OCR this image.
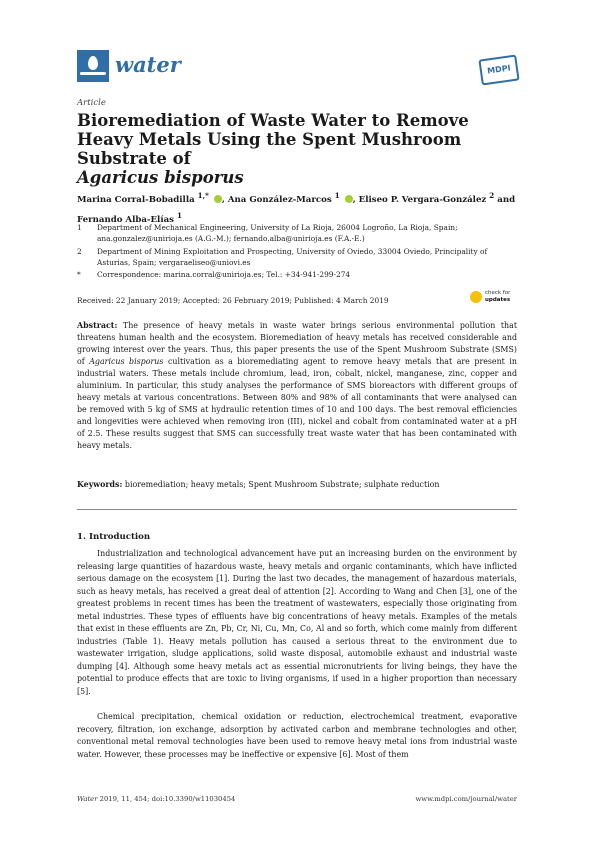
water	MDPI
Article
Bioremediation of Waste Water to Remove Heavy Metals Using the Spent Mushroom Substrate of
Agaricus bisporus
Marina Corral-Bobadilla $^{1,*}$ , Ana González-Marcos $^1$ , Eliseo P. Vergara-González $^2$ and Fernando Alba-Elías $^1$
1	Department of Mechanical Engineering, University of La Rioja, 26004 Logroño, La Rioja, Spain; ana.gonzalez@unirioja.es (A.G.-M.); fernando.alba@unirioja.es (F.A.-E.)
2	Department of Mining Exploitation and Prospecting, University of Oviedo, 33004 Oviedo, Principality of Asturias, Spain; vergaraeliseo@uniovi.es
*	Correspondence: marina.corral@unirioja.es; Tel.: +34-941-299-274
Received: 22 January 2019; Accepted: 26 February 2019; Published: 4 March 2019
check for
updates
Abstract: The presence of heavy metals in waste water brings serious environmental pollution that threatens human health and the ecosystem. Bioremediation of heavy metals has received considerable and growing interest over the years. Thus, this paper presents the use of the Spent Mushroom Substrate (SMS) of Agaricus bisporus cultivation as a bioremediating agent to remove heavy metals that are present in industrial waters. These metals include chromium, lead, iron, cobalt, nickel, manganese, zinc, copper and aluminium. In particular, this study analyses the performance of SMS bioreactors with different groups of heavy metals at various concentrations. Between 80% and 98% of all contaminants that were analysed can be removed with 5 kg of SMS at hydraulic retention times of 10 and 100 days. The best removal efficiencies and longevities were achieved when removing iron (III), nickel and cobalt from contaminated water at a pH of 2.5. These results suggest that SMS can successfully treat waste water that has been contaminated with heavy metals.
Keywords: bioremediation; heavy metals; Spent Mushroom Substrate; sulphate reduction
1. Introduction
Industrialization and technological advancement have put an increasing burden on the environment by releasing large quantities of hazardous waste, heavy metals and organic contaminants, which have inflicted serious damage on the ecosystem [1]. During the last two decades, the management of hazardous materials, such as heavy metals, has received a great deal of attention [2]. According to Wang and Chen [3], one of the greatest problems in recent times has been the treatment of wastewaters, especially those originating from metal industries. These types of effluents have big concentrations of heavy metals. Examples of the metals that exist in these effluents are Zn, Pb, Cr, Ni, Cu, Mn, Co, Al and so forth, which come mainly from different industries (Table 1). Heavy metals pollution has caused a serious threat to the environment due to wastewater irrigation, sludge applications, solid waste disposal, automobile exhaust and industrial waste dumping [4]. Although some heavy metals act as essential micronutrients for living beings, they have the potential to produce effects that are toxic to living organisms, if used in a higher proportion than necessary [5].
Chemical precipitation, chemical oxidation or reduction, electrochemical treatment, evaporative recovery, filtration, ion exchange, adsorption by activated carbon and membrane technologies and other, conventional metal removal technologies have been used to remove heavy metal ions from industrial waste water. However, these processes may be ineffective or expensive [6]. Most of them
Water 2019, 11, 454; doi:10.3390/w11030454	www.mdpi.com/journal/water
